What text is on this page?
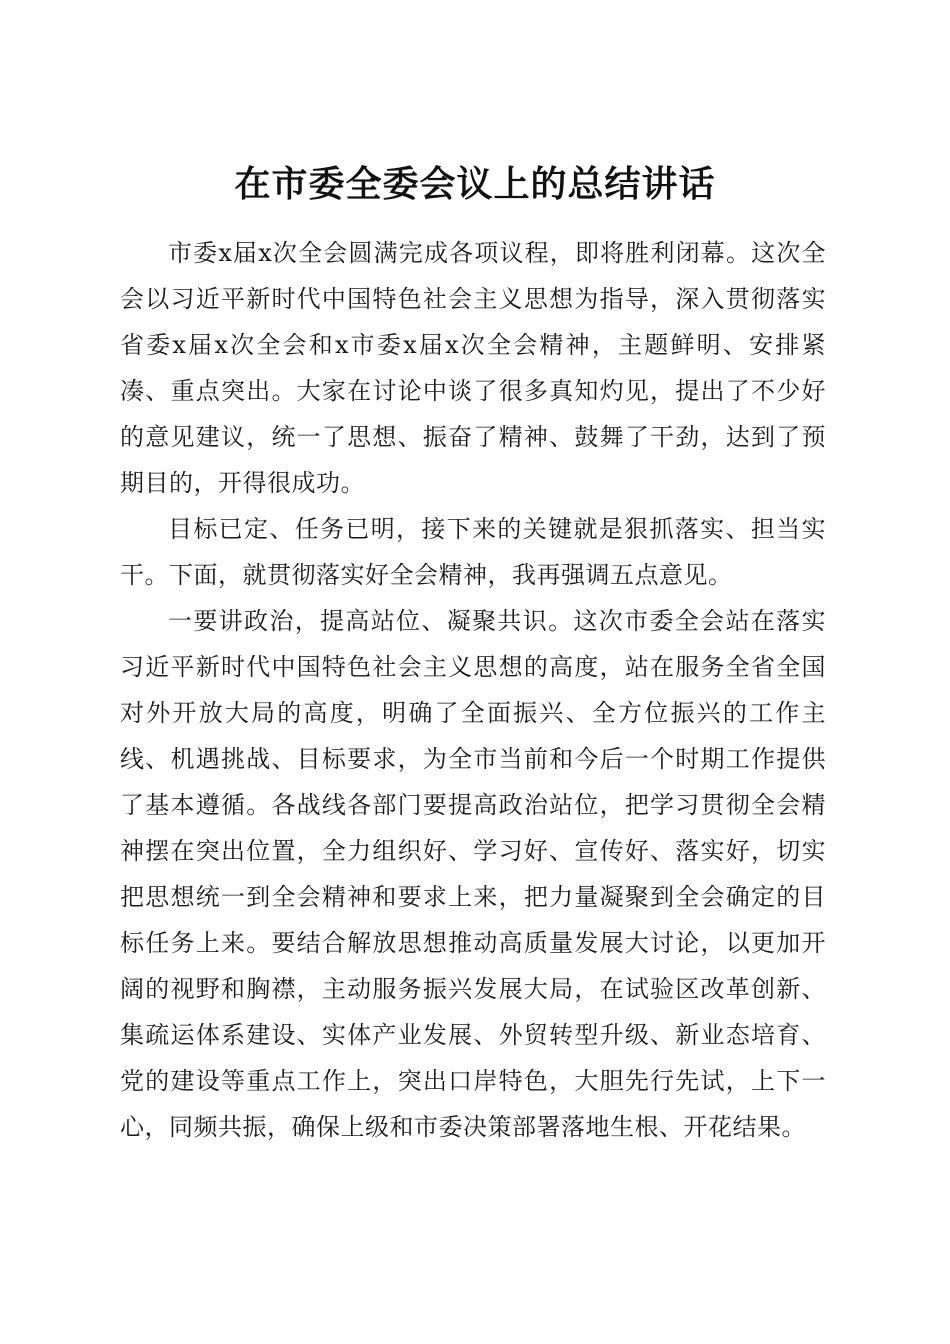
在市委全委会议上的总结讲话

市委x届x次全会圆满完成各项议程，即将胜利闭幕。这次全会以习近平新时代中国特色社会主义思想为指导，深入贯彻落实省委x届x次全会和x市委x届x次全会精神，主题鲜明、安排紧凑、重点突出。大家在讨论中谈了很多真知灼见，提出了不少好的意见建议，统一了思想、振奋了精神、鼓舞了干劲，达到了预期目的，开得很成功。

目标已定、任务已明，接下来的关键就是狠抓落实、担当实干。下面，就贯彻落实好全会精神，我再强调五点意见。

一要讲政治，提高站位、凝聚共识。这次市委全会站在落实习近平新时代中国特色社会主义思想的高度，站在服务全省全国对外开放大局的高度，明确了全面振兴、全方位振兴的工作主线、机遇挑战、目标要求，为全市当前和今后一个时期工作提供了基本遵循。各战线各部门要提高政治站位，把学习贯彻全会精神摆在突出位置，全力组织好、学习好、宣传好、落实好，切实把思想统一到全会精神和要求上来，把力量凝聚到全会确定的目标任务上来。要结合解放思想推动高质量发展大讨论，以更加开阔的视野和胸襟，主动服务振兴发展大局，在试验区改革创新、集疏运体系建设、实体产业发展、外贸转型升级、新业态培育、党的建设等重点工作上，突出口岸特色，大胆先行先试，上下一心，同频共振，确保上级和市委决策部署落地生根、开花结果。
